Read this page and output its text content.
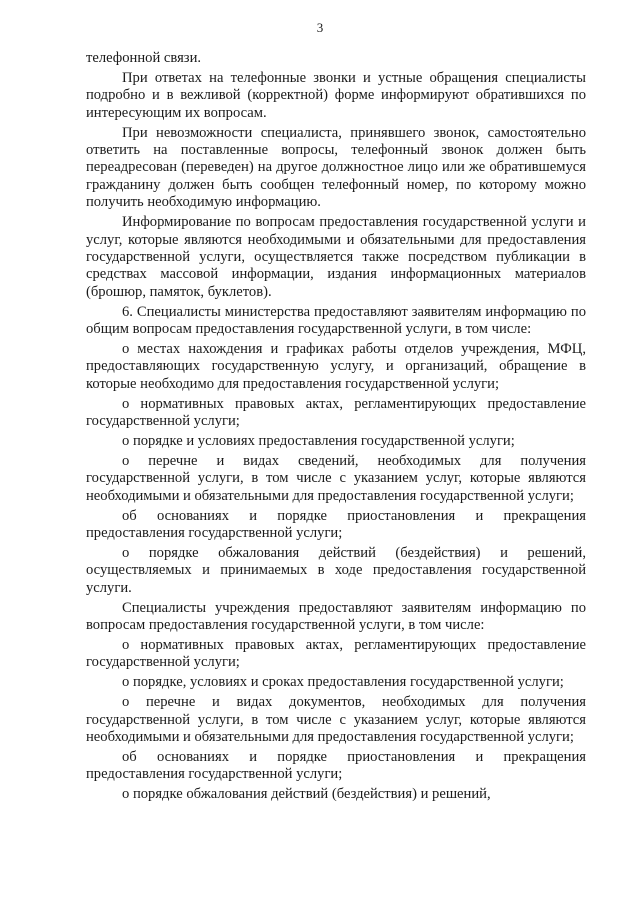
3

телефонной связи.

При ответах на телефонные звонки и устные обращения специалисты подробно и в вежливой (корректной) форме информируют обратившихся по интересующим их вопросам.

При невозможности специалиста, принявшего звонок, самостоятельно ответить на поставленные вопросы, телефонный звонок должен быть переадресован (переведен) на другое должностное лицо или же обратившемуся гражданину должен быть сообщен телефонный номер, по которому можно получить необходимую информацию.

Информирование по вопросам предоставления государственной услуги и услуг, которые являются необходимыми и обязательными для предоставления государственной услуги, осуществляется также посредством публикации в средствах массовой информации, издания информационных материалов (брошюр, памяток, буклетов).

6. Специалисты министерства предоставляют заявителям информацию по общим вопросам предоставления государственной услуги, в том числе:

о местах нахождения и графиках работы отделов учреждения, МФЦ, предоставляющих государственную услугу, и организаций, обращение в которые необходимо для предоставления государственной услуги;

о нормативных правовых актах, регламентирующих предоставление государственной услуги;

о порядке и условиях предоставления государственной услуги;

о перечне и видах сведений, необходимых для получения государственной услуги, в том числе с указанием услуг, которые являются необходимыми и обязательными для предоставления государственной услуги;

об основаниях и порядке приостановления и прекращения предоставления государственной услуги;

о порядке обжалования действий (бездействия) и решений, осуществляемых и принимаемых в ходе предоставления государственной услуги.

Специалисты учреждения предоставляют заявителям информацию по вопросам предоставления государственной услуги, в том числе:

о нормативных правовых актах, регламентирующих предоставление государственной услуги;

о порядке, условиях и сроках предоставления государственной услуги;

о перечне и видах документов, необходимых для получения государственной услуги, в том числе с указанием услуг, которые являются необходимыми и обязательными для предоставления государственной услуги;

об основаниях и порядке приостановления и прекращения предоставления государственной услуги;

о порядке обжалования действий (бездействия) и решений,
